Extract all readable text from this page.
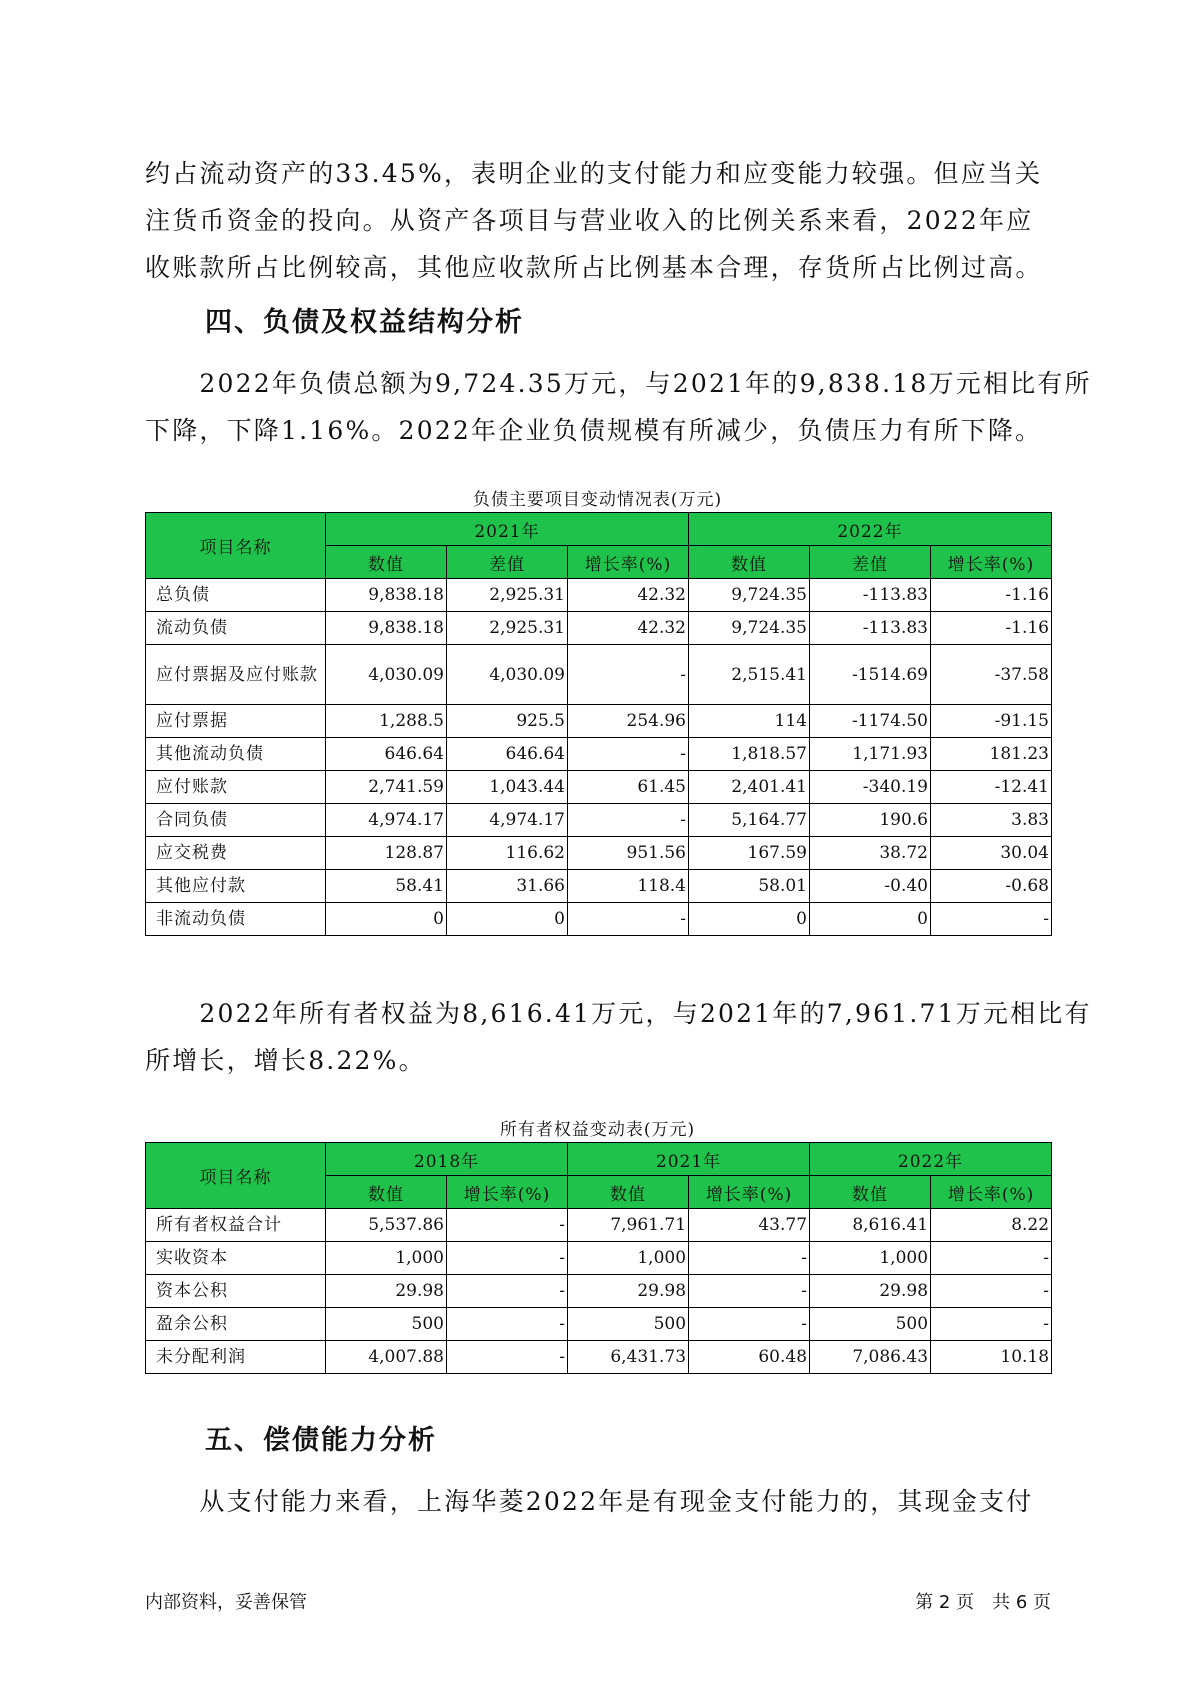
约占流动资产的33.45%，表明企业的支付能力和应变能力较强。但应当关

注货币资金的投向。从资产各项目与营业收入的比例关系来看，2022年应

收账款所占比例较高，其他应收款所占比例基本合理，存货所占比例过高。

四、负债及权益结构分析

　　2022年负债总额为9,724.35万元，与2021年的9,838.18万元相比有所

下降，下降1.16%。2022年企业负债规模有所减少，负债压力有所下降。

负债主要项目变动情况表(万元)
项目名称	2021年			2022年		
	数值	差值	增长率(%)	数值	差值	增长率(%)
总负债	9,838.18	2,925.31	42.32	9,724.35	-113.83	-1.16
流动负债	9,838.18	2,925.31	42.32	9,724.35	-113.83	-1.16
应付票据及应付账款	4,030.09	4,030.09	-	2,515.41	-1514.69	-37.58
应付票据	1,288.5	925.5	254.96	114	-1174.50	-91.15
其他流动负债	646.64	646.64	-	1,818.57	1,171.93	181.23
应付账款	2,741.59	1,043.44	61.45	2,401.41	-340.19	-12.41
合同负债	4,974.17	4,974.17	-	5,164.77	190.6	3.83
应交税费	128.87	116.62	951.56	167.59	38.72	30.04
其他应付款	58.41	31.66	118.4	58.01	-0.40	-0.68
非流动负债	0	0	-	0	0	-

　　2022年所有者权益为8,616.41万元，与2021年的7,961.71万元相比有

所增长，增长8.22%。

所有者权益变动表(万元)
项目名称	2018年		2021年		2022年	
	数值	增长率(%)	数值	增长率(%)	数值	增长率(%)
所有者权益合计	5,537.86	-	7,961.71	43.77	8,616.41	8.22
实收资本	1,000	-	1,000	-	1,000	-
资本公积	29.98	-	29.98	-	29.98	-
盈余公积	500	-	500	-	500	-
未分配利润	4,007.88	-	6,431.73	60.48	7,086.43	10.18
五、偿债能力分析

　　从支付能力来看，上海华菱2022年是有现金支付能力的，其现金支付

内部资料，妥善保管	第 2 页　共 6 页
